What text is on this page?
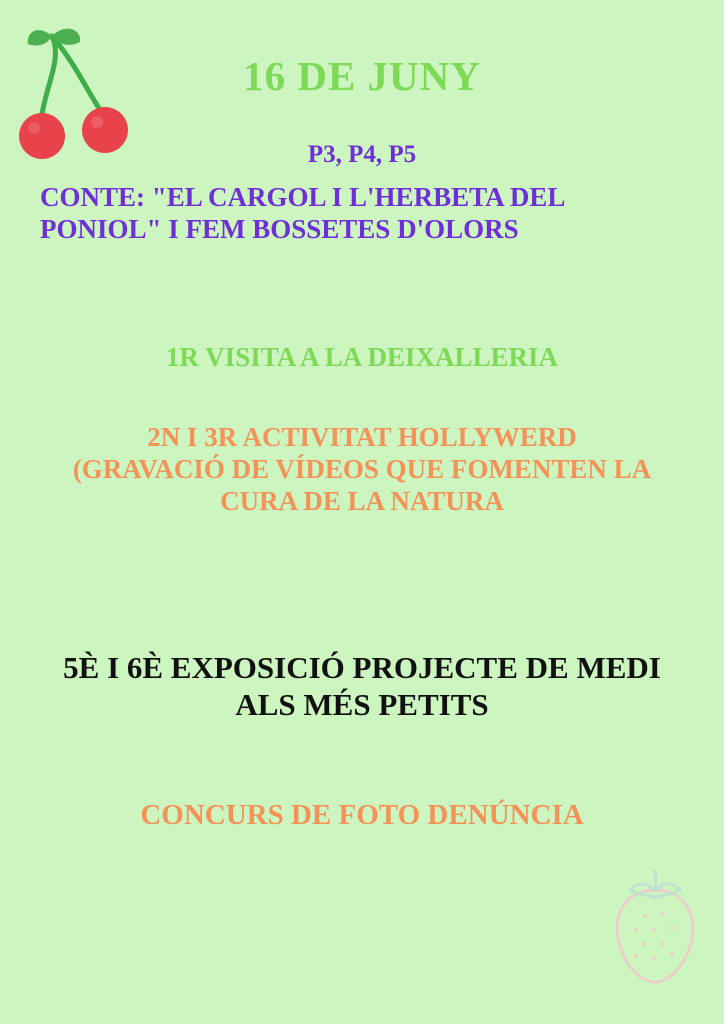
16 DE JUNY
P3, P4, P5
CONTE: "EL CARGOL I L'HERBETA DEL
PONIOL" I FEM BOSSETES D'OLORS
1R VISITA A LA DEIXALLERIA
2N I 3R ACTIVITAT HOLLYWERD
(GRAVACIÓ DE VÍDEOS QUE FOMENTEN LA
CURA DE LA NATURA
5È I 6È EXPOSICIÓ PROJECTE DE MEDI
ALS MÉS PETITS
CONCURS DE FOTO DENÚNCIA
